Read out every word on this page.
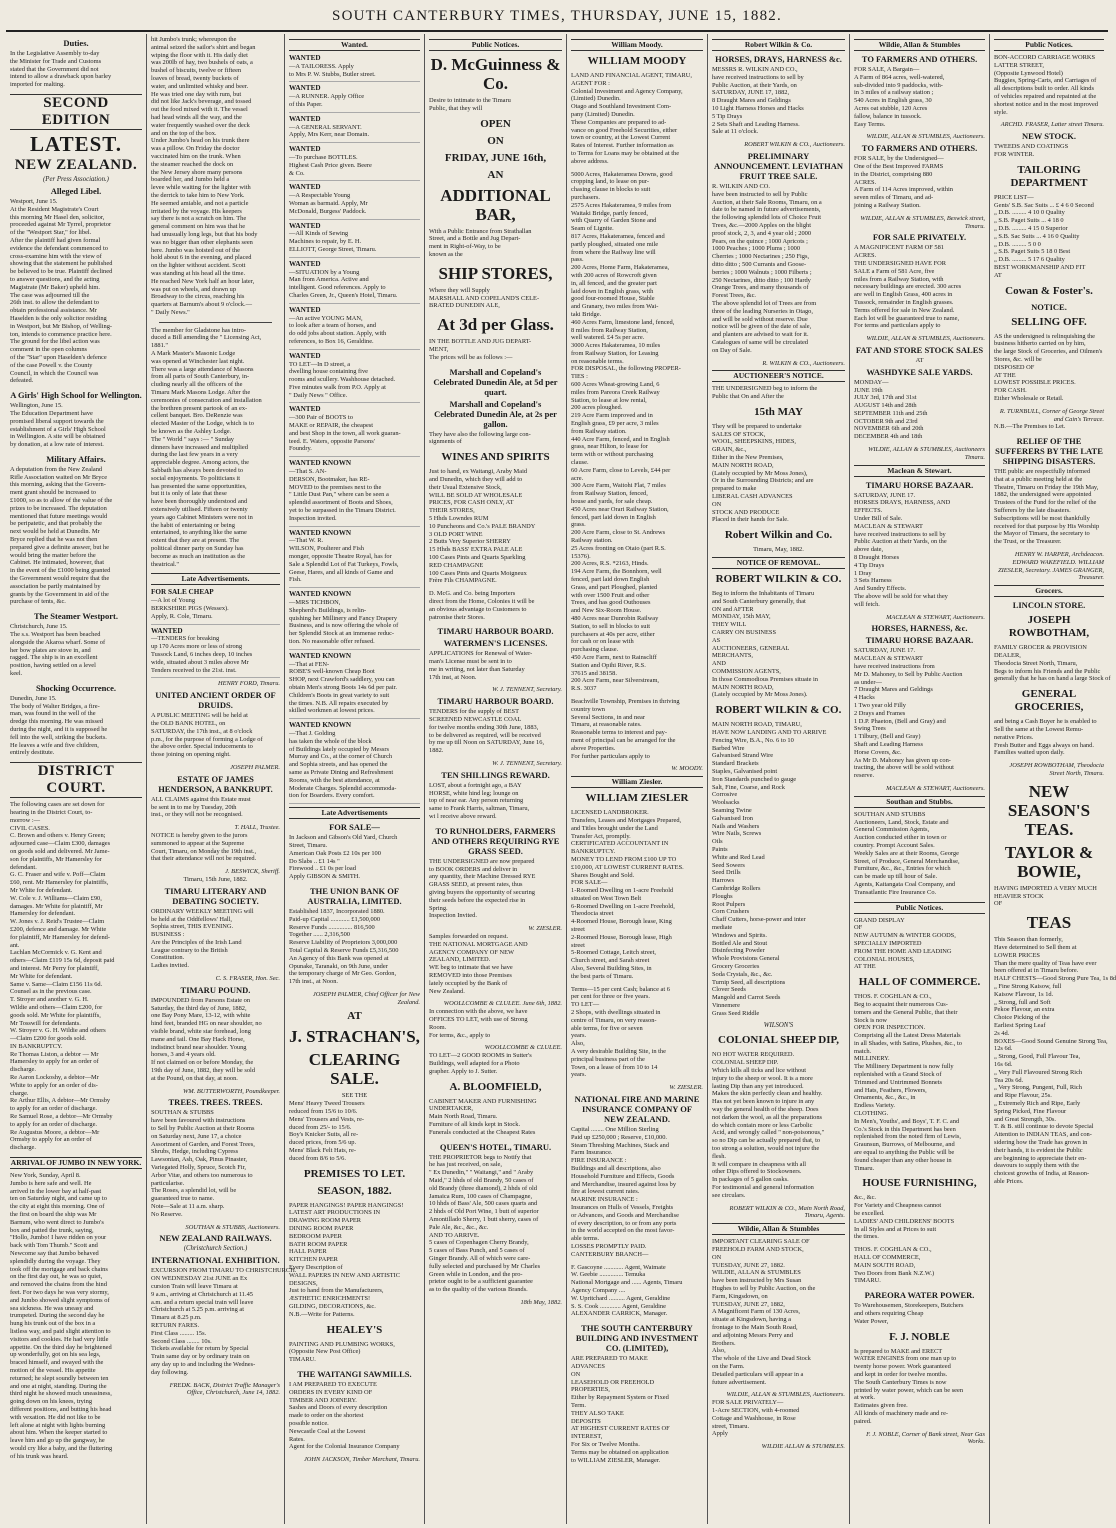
SOUTH CANTERBURY TIMES, THURSDAY, JUNE 15, 1882.
Duties.
In the Legislative Assembly to-day
the Minister for Trade and Customs
stated that the Government did not
intend to allow a drawback upon barley
imported for malting.
SECOND EDITION
LATEST.
NEW ZEALAND.
(Per Press Association.)
Alleged Libel.
Westport, June 15.
At the Resident Magistrate's Court
this morning Mr Hasel den, solicitor,
proceeded against Mr Tyrrel, proprietor
of the "Westport Star," for libel.
After the plaintiff had given formal
evidence the defendant commenced to
cross-examine him with the view of
showing that the statement he published
be believed to be true. Plaintiff declined
to answer questions, and the acting
Magistrate (Mr Baker) upheld him.
The case was adjourned till the
26th inst. to allow the defendant to
obtain professional assistance. Mr
Haselden is the only solicitor residing
in Westport, but Mr Bishop, of Welling-
ton, intends to commence practice here.
The ground for the libel action was
comment in the open columns
of the "Star" upon Haselden's defence
of the case Powell v. the County
Council, in which the Council was
defeated.
A Girls' High School for Wellington.
Wellington, June 15.
The Education Department have
promised liberal support towards the
establishment of a Girls' High School
in Wellington. A site will be obtained
by donation, at a low rate of interest.
Military Affairs.
A deputation from the New Zealand
Rifle Association waited on Mr Bryce
this morning, asking that the Govern-
ment grant should be increased to
£1000, so as to allow of the value of the
prizes to be increased. The deputation
mentioned that future meetings would
be peripatetic, and that probably the
next would be held at Dunedin. Mr
Bryce replied that he was not then
prepared give a definite answer, but he
would bring the matter before the
Cabinet. He intimated, however, that
in the event of the £1000 being granted
the Government would require that the
association be partly maintained by
grants by the Government in aid of the
purchase of tents, &c.
The Steamer Westport.
Christchurch, June 15.
The s.s. Westport has been beached
alongside the Akaroa wharf. Some of
her bow plates are stove in, and
ragged. The ship is in an excellent
position, having settled on a level
keel.
Shocking Occurrence.
Dunedin, June 15.
The body of Walter Bridges, a fire-
man, was found in the well of the
dredge this morning. He was missed
during the night, and it is supposed he
fell into the well, striking the buckets.
He leaves a wife and five children,
entirely destitute.
DISTRICT COURT.
The following cases are set down for
hearing in the District Court, to-
morrow :—
CIVIL CASES.
C. Brown and others v. Henry Green;
adjourned case—Claim £300, damages
on goods sold and delivered. Mr Jame-
son for plaintiffs, Mr Hamersley for
defendant.
G. C. Fraser and wife v. Poff—Claim
£60, rent. Mr Hamersley for plaintiffs,
Mr White for defendant.
W. Cole v. J. Williams—Claim £90,
damages. Mr White for plaintiff, Mr
Hamersley for defendant.
W. Jones v. J. Reid's Trustee—Claim
£200, defence and damage. Mr White
for plaintiff, Mr Hamersley for defend-
ant.
Lachlan McCormick v. G. Kent and
others—Claim £119 15s 6d, deposit paid
and interest. Mr Perry for plaintiff,
Mr White for defendant.
Same v. Same—Claim £156 11s 6d.
Counsel as in the previous case.
T. Stroyer and another v. G. H.
Wildie and others—Claim £200, for
goods sold. Mr White for plaintiffs,
Mr Tosswill for defendants.
W. Stroyer v. G. H. Wildie and others
—Claim £200 for goods sold.
IN BANKRUPTCY.
Re Thomas Liston, a debtor — Mr
Hamersley to apply for an order of
discharge.
Re Aaron Lockoshy, a debtor—Mr
White to apply for an order of dis-
charge.
Re Arthur Ellis, A debtor—Mr Ormsby
to apply for an order of discharge.
Re Samuel Rose, a debtor—Mr Ormsby
to apply for an order of discharge.
Re Augustus Moore, a debtor—Mr
Ormsby to apply for an order of
discharge.
ARRIVAL OF JUMBO IN NEW YORK.
New York, Sunday, April 8.
Jumbo is here safe and well. He
arrived in the lower bay at half-past
ten on Saturday night, and came up to
the city at eight this morning. One of
the first on board the ship was Mr
Barnum, who went direct to Jumbo's
box and patted the trunk, saying,
"Hollo, Jumbo! I have ridden on your
back with Tom Thumb." Scott and
Newcome say that Jumbo behaved
splendidly during the voyage. They
took off the mortgage and back chains
on the first day out, he was so quiet,
and removed the chains from the hind
feet. For two days he was very stormy,
and Jumbo showed slight symptoms of
sea sickness. He was uneasy and
trumpeted. During the second day he
hung his trunk out of the box in a
listless way, and paid slight attention to
visitors and cookies. He had very little
appetite. On the third day he brightened
up wonderfully, got on his sea legs,
braced himself, and swayed with the
motion of the vessel. His appetite
returned; he slept soundly between ten
and one at night, standing. During the
third night he showed much uneasiness,
going down on his knees, trying
different positions, and butting his head
with vexation. He did not like to be
left alone at night with lights burning
about him. When the keeper started to
leave him and go up the gangway, he
would cry like a baby, and the fluttering
of his trunk was heard.
hit Jumbo's trunk; whereupon the
animal seized the sailor's shirt and began
wiping the floor with it. His daily diet
was 200lb of hay, two bushels of oats, a
bushel of biscuits, twelve or fifteen
loaves of bread, twenty buckets of
water, and unlimited whisky and beer.
He was tried one day with rum, but
did not like Jack's beverage, and tossed
out the food mixed with it. The vessel
had head winds all the way, and the
water frequently washed over the deck
and on the top of the box.
Under Jumbo's head on his trunk there
was a pillow. On Friday the doctor
vaccinated him on the trunk. When
the steamer reached the dock on
the New Jersey shore many persons
boarded her, and Jumbo held a
levee while waiting for the lighter with
the derrick to take him to New York.
He seemed amiable, and not a particle
irritated by the voyage. His keepers
say there is not a scratch on him. The
general comment on him was that he
had unusually long legs, but that his body
was no bigger than other elephants seen
here. Jumbo was hoisted out of the
hold about 6 in the evening, and placed
on the lighter without accident. Scott
was standing at his head all the time.
He reached New York half an hour later,
was put on wheels, and drawn up
Broadway to the circus, reaching his
quarters at Barnum's about 9 o'clock.—
" Daily News."
The member for Gladstone has intro-
duced a Bill amending the " Licensing Act,
1881."
A Mark Master's Masonic Lodge
was opened at Winchester last night.
There was a large attendance of Masons
from all parts of South Canterbury, in-
cluding nearly all the officers of the
Timaru Mark Masons Lodge. After the
ceremonies of consecration and installation
the brethren present partook of an ex-
cellent banquet. Bro. DeRenzie was
elected Master of the Lodge, which is to
be known as the Ashley Lodge.
The " World " says :— " Sunday
dinners have increased and multiplied
during the last few years in a very
appreciable degree. Among actors, the
Sabbath has always been devoted to
social enjoyments. To politicians it
has presented the same opportunities,
but it is only of late that these
have been thoroughly understood and
extensively utilised. Fifteen or twenty
years ago Cabinet Ministers were not in
the habit of entertaining or being
entertained, to anything like the same
extent that they are at present. The
political dinner party on Sunday has
become as much an institution as the
theatrical."
Late Advertisements.
FOR SALE CHEAP
—A lot of Young
BERKSHIRE PIGS (Wessex).
Apply, R. Cole, Timaru.
WANTED
—TENDERS for breaking
up 170 Acres more or less of strong
Tussock Land, 6 inches deep, 10 inches
wide, situated about 3 miles above Mr
Tenders received to the 21st. inst.
HENRY FORD, Timaru.
UNITED ANCIENT ORDER OF DRUIDS.
A PUBLIC MEETING will be held at
the OLD BANK HOTEL, on
SATURDAY, the 17th inst., at 8 o'clock
p.m., for the purpose of forming a Lodge of
the above order. Special inducements to
those joining on opening night.
JOSEPH PALMER.
ESTATE OF JAMES HENDERSON, A BANKRUPT.
ALL CLAIMS against this Estate must
be sent in to me by Tuesday, 20th
inst., or they will not be recognised.
T. HALL, Trustee.
NOTICE is hereby given to the jurors
summoned to appear at the Supreme
Court, Timaru, on Monday the 19th inst.,
that their attendance will not be required.
J. BESWICK, Sheriff.
Timaru, 15th June, 1882.
TIMARU LITERARY AND DEBATING SOCIETY.
ORDINARY WEEKLY MEETING will
be held at the Oddfellows' Hall,
Sophia street, THIS EVENING.
BUSINESS :
Are the Principles of the Irish Land
League contrary to the British
Constitution.
Ladies invited.
C. S. FRASER, Hon. Sec.
TIMARU POUND.
IMPOUNDED from Parsons Estate on
Saturday, the third day of June, 1882,
one Bay Pony Mare, 13-12, with white
hind feet, branded HG on near shoulder, no
visible brand, white star forehead, long
mane and tail. One Bay Hack Horse,
indistinct brand near shoulder. Young
horses, 3 and 4 years old.
If not claimed on or before Monday, the
19th day of June, 1882, they will be sold
at the Pound, on that day, at noon.
WM. BUTTERWORTH, Poundkeeper.
TREES. TREES. TREES.
SOUTHAN & STUBBS
have been favoured with instructions
to Sell by Public Auction at their Rooms
on Saturday next, June 17, a choice
Assortment of Garden, and Forest Trees,
Shrubs, Hedge, including Cypress
Lawsonian, Ash, Oak, Pinus Pinaster,
Variegated Holly, Spruce, Scotch Fir,
Arbor Vitæ, and others too numerous to
particularise.
The Roses, a splendid lot, will be
guaranteed true to name.
Note—Sale at 11 a.m. sharp.
No Reserve.
SOUTHAN & STUBBS, Auctioneers.
NEW ZEALAND RAILWAYS.
(Christchurch Section.)
INTERNATIONAL EXHIBITION.
EXCURSION FROM TIMARU TO CHRISTCHURCH.
ON WEDNESDAY 21st JUNE an Ex
cursion Train will leave Timaru at
9 a.m., arriving at Christchurch at 11.45
a.m. and a return special train will leave
Christchurch at 5.25 p.m. arriving at
Timaru at 8.25 p.m.
RETURN FARES.
First Class ......... 15s.
Second Class ........ 10s.
Tickets available for return by Special
Train same day or by ordinary train on
any day up to and including the Wednes-
day following.
FREDK. BACK, District Traffic Manager's Office, Christchurch, June 14, 1882.
Wanted.
WANTED
—A TAILORESS. Apply
to Mrs P. W. Stubbs, Butler street.
WANTED
—A RUNNER. Apply Office
of this Paper.
WANTED
—A GENERAL SERVANT.
Apply, Mrs Kerr, near Domain.
WANTED
—To purchase BOTTLES.
Highest Cash Price given. Beere
& Co.
WANTED
—A Respectable Young
Woman as barmaid. Apply, Mr
McDonald, Burgess' Paddock.
WANTED
—All Kinds of Sewing
Machines to repair, by E. H.
ELLIOTT, George Street, Timaru.
WANTED
—SITUATION by a Young
Man from America. Active and
intelligent. Good references. Apply to
Charles Green, Jr., Queen's Hotel, Timaru.
WANTED
—An active YOUNG MAN,
to look after a team of horses, and
do odd jobs about station. Apply, with
references, to Box 16, Geraldine.
WANTED
TO LET—In D street, a
dwelling house containing five
rooms and scullery. Washhouse detached.
Five minutes walk from P.O. Apply at
" Daily News " Office.
WANTED
—300 Pair of BOOTS to
MAKE or REPAIR, the cheapest
and best Shop in the town, all work guaran-
teed. E. Waters, opposite Parsons'
Foundry.
WANTED KNOWN
—That S. AN-
DERSON, Bootmaker, has RE-
MOVED to the premises next to the
" Little Dust Pan," where can be seen a
splendid assortment of Boots and Shoes,
yet to be surpassed in the Timaru District.
Inspection invited.
WANTED KNOWN
—That W. R.
WILSON, Poulterer and Fish
monger, opposite Theatre Royal, has for
Sale a Splendid Lot of Fat Turkeys, Fowls,
Geese, Hares, and all kinds of Game and
Fish.
WANTED KNOWN
—MRS TICHBON,
Shepherd's Buildings, is relin-
quishing her Millinery and Fancy Drapery
Business, and is now offering the whole of
her Splendid Stock at an immense reduc-
tion. No reasonable offer refused.
WANTED KNOWN
—That at FEN-
ROBE'S well-known Cheap Boot
SHOP, next Crawford's saddlery, you can
obtain Men's strong Boots 14s 6d per pair.
Children's Boots in great variety to suit
the times. N.B. All repairs executed by
skilled workmen at lowest prices.
WANTED KNOWN
—That J. Golding
has taken the whole of the block
of Buildings lately occupied by Messrs
Murray and Co., at the corner of Church
and Sophia streets, and has opened the
same as Private Dining and Refreshment
Rooms, with the best attendance, at
Moderate Charges. Splendid accommoda-
tion for Boarders. Every comfort.
Late Advertisements
FOR SALE—
In Jackson and Gibson's Old Yard, Church
Street, Timaru.
American Oak Posts £2 10s per 100
Do Slabs .. £1 14s "
Firewood .. £1 0s per load
Apply GIBSON & SMITH.
THE UNION BANK OF AUSTRALIA, LIMITED.
Established 1837, Incorporated 1880.
Paid-up Capital ............ £1,500,000
Reserve Funds ............... 816,500
Together ...... 2,316,500
Reserve Liability of Proprietors 3,000,000
Total Capital & Reserve Funds £5,316,500
An Agency of this Bank was opened at
Opunake, Taranaki, on 9th June, under
the temporary charge of Mr Geo. Gordon,
17th inst., at Noon.
JOSEPH PALMER, Chief Officer for New Zealand.
AT
J. STRACHAN'S,
CLEARING SALE.
SEE THE
Mens' Heavy Tweed Trousers
reduced from 15/6 to 10/6.
Mens' Trousers and Vests, re-
duced from 25/- to 15/6.
Boy's Knicker Suits, all re-
duced prices, from 5/6 up.
Mens' Black Felt Hats, re-
duced from 8/6 to 5/6.
PREMISES TO LET.
SEASON, 1882.
PAPER HANGINGS! PAPER HANGINGS!
LATEST ART PRODUCTIONS IN
DRAWING ROOM PAPER
DINING ROOM PAPER
BEDROOM PAPER
BATH ROOM PAPER
HALL PAPER
KITCHEN PAPER
Every Description of
WALL PAPERS IN NEW AND ARTISTIC
DESIGNS,
Just to hand from the Manufacturers,
ÆSTHETIC ENRICHMENTS!
GILDING, DECORATIONS, &c.
N.B.—Write for Patterns.
HEALEY'S
PAINTING AND PLUMBING WORKS,
(Opposite New Post Office)
TIMARU.
THE WAITANGI SAWMILLS.
I AM PREPARED TO EXECUTE
ORDERS IN EVERY KIND OF
TIMBER AND JOINERY.
Sashes and Doors of every description
made to order on the shortest
possible notice.
Newcastle Coal at the Lowest
Rates.
Agent for the Colonial Insurance Company
JOHN JACKSON, Timber Merchant, Timaru.
Public Notices.
D. McGuinness & Co.
Desire to intimate to the Timaru
Public, that they will
OPEN
ON
FRIDAY, JUNE 16th,
AN
ADDITIONAL BAR,
With a Public Entrance from Strathallan
Street, and a Bottle and Jug Depart-
ment in Right-of-Way, to be
known as the
SHIP STORES,
Where they will Supply
MARSHALL AND COPELAND'S CELE-
BRATED DUNEDIN ALE,
At 3d per Glass.
IN THE BOTTLE AND JUG DEPART-
MENT,
The prices will be as follows :—
Marshall and Copeland's Celebrated Dunedin Ale, at 5d per quart.
Marshall and Copeland's Celebrated Dunedin Ale, at 2s per gallon.
They have also the following large con-
signments of
WINES AND SPIRITS
Just to hand, ex Waitangi, Araby Maid
and Dunedin, which they will add to
their Usual Extensive Stock,
WILL BE SOLD AT WHOLESALE
PRICES, FOR CASH ONLY, AT
THEIR STORES,
5 Hhds Lowndes RUM
10 Puncheons and Co.'s PALE BRANDY
3 OLD PORT WINE
2 Butts Very Superior SHERRY
15 Hhds BASS' EXTRA PALE ALE
100 Cases Pints and Quarts Sparkling
RED CHAMPAGNE
100 Cases Pints and Quarts Moigneux
Frère Fils CHAMPAGNE.
D. McG. and Co. being Importers
direct from the Home, Colonies it will be
an obvious advantage to Customers to
patronise their Stores.
TIMARU HARBOUR BOARD.
WATERMEN'S LICENSES.
APPLICATIONS for Renewal of Water-
man's License must be sent in to
me in writing, not later than Saturday
17th inst, at Noon.
W. J. TENNENT, Secretary.
TIMARU HARBOUR BOARD.
TENDERS for the supply of BEST
SCREENED NEWCASTLE COAL
for twelve months ending 30th June, 1883,
to be delivered as required, will be received
by me up till Noon on SATURDAY, June 16,
1882.
W. J. TENNENT, Secretary.
TEN SHILLINGS REWARD.
LOST, about a fortnight ago, a BAY
HORSE, white hind leg; lounge on
top of near ear. Any person returning
same to Frank Harris, saltman, Timaru,
wi l receive above reward.
TO RUNHOLDERS, FARMERS AND OTHERS REQUIRING RYE GRASS SEED.
THE UNDERSIGNED are now prepared
to BOOK ORDERS and deliver in
any quantity, their Machine Dressed RYE
GRASS SEED, at present rates, thus
giving buyers the opportunity of securing
their seeds before the expected rise in
Spring.
Inspection Invited.
W. ZIESLER.
Samples forwarded on request.
THE NATIONAL MORTGAGE AND
AGENCY COMPANY OF NEW
ZEALAND, LIMITED.
WE beg to intimate that we have
REMOVED into those Premises
lately occupied by the Bank of
New Zealand.
WOOLLCOMBE & CLULEE. June 6th, 1882.
In connection with the above, we have
OFFICES TO LET, with use of Strong
Room.
For terms, &c., apply to
WOOLLCOMBE & CLULEE.
TO LET—2 GOOD ROOMS in Sutter's
Buildings, well adapted for a Photo
grapher. Apply to J. Sutter.
A. BLOOMFIELD,
CABINET MAKER AND FURNISHING
UNDERTAKER,
Main North Road, Timaru.
Furniture of all kinds kept in Stock.
Funerals conducted at the Cheapest Rates
QUEEN'S HOTEL, TIMARU.
THE PROPRIETOR begs to Notify that
he has just received, on sale,
" Ex Dunedin," " Waitangi," and " Araby
Maid," 2 hhds of old Brandy, 50 cases of
old Brandy (three diamond), 2 hhds of old
Jamaica Rum, 100 cases of Champagne,
10 hhds of Bass' Ale, 500 cases quarts and
2 hhds of Old Port Wine, 1 butt of superior
Amontillado Sherry, 1 butt sherry, cases of
Pale Ale, &c., &c., &c.
AND TO ARRIVE.
5 cases of Copenhagen Cherry Brandy,
5 cases of Bass Punch, and 5 cases of
Ginger Brandy. All of which were care-
fully selected and purchased by Mr Charles
Green while in London, and the pro-
prietor ought to be a sufficient guarantee
as to the quality of the various Brands.
18th May, 1882.
William Moody.
WILLIAM MOODY
LAND AND FINANCIAL AGENT, TIMARU,
AGENT FOR :
Colonial Investment and Agency Company,
(Limited) Dunedin.
Otago and Southland Investment Com-
pany (Limited) Dunedin.
These Companies are prepared to ad-
vance on good Freehold Securities, either
town or country, at the Lowest Current
Rates of Interest. Further information as
to Terms for Loans may be obtained at the
above address.
5000 Acres, Hakateramea Downs, good
cropping land, to lease on pur-
chasing clause in blocks to suit
purchasers.
2575 Acres Hakateramea, 9 miles from
Waitaki Bridge, partly fenced,
with Quarry of Garden Stone and
Seam of Lignite.
817 Acres, Hakateramea, fenced and
partly ploughed, situated one mile
from where the Railway line will
pass.
200 Acres, Home Farm, Hakateramea,
with 200 acres of Rowcroft given
in, all fenced, and the greater part
laid down in English grass, with
good four-roomed House, Stable
and Granary, two miles from Wai-
taki Bridge.
460 Acres Farm, limestone land, fenced,
8 miles from Railway Station,
well watered. £4 5s per acre.
3000 Acres Hakateramea, 10 miles
from Railway Station, for Leasing
on reasonable terms.
FOR DISPOSAL, the following PROPER-
TIES :
600 Acres Wheat-growing Land, 6
miles from Pareora Creek Railway
Station, to lease at low rental,
200 acres ploughed.
219 Acre Farm improved and in
English grass, £9 per acre, 3 miles
from Railway station.
440 Acre Farm, fenced, and in English
grass, near Hilton, to lease for
term with or without purchasing
clause.
60 Acre Farm, close to Levels, £44 per
acre.
300 Acre Farm, Waitohi Flat, 7 miles
from Railway Station, fenced,
house and yards, for sale cheap.
450 Acres near Orari Railway Station,
fenced, part laid down in English
grass.
200 Acre Farm, close to St. Andrews
Railway station.
25 Acres fronting on Otaio (part R.S.
15376).
200 Acres, R.S. *2163, Hinds.
194 Acre Farm, the Bonnhorn, well
fenced, part laid down English
Grass, and part Ploughed, planted
with over 1500 Fruit and other
Trees, and has good Outhouses
and New Six-Room House.
480 Acres near Dunrobin Railway
Station, to sell in blocks to suit
purchasers at 40s per acre, either
for cash or on lease with
purchasing clause.
450 Acre Farm, next to Rainscliff
Station and Opihi River, R.S.
37615 and 38158.
200 Acre Farm, near Silverstream,
R.S. 3037
Beachville Township, Premises in thriving
country town
Several Sections, in and near
Timaru, at reasonable rates.
Reasonable terms to interest and pay-
ment of principal can be arranged for the
above Properties.
For further particulars apply to
W. MOODY.
William Ziesler.
WILLIAM ZIESLER
LICENSED LANDBROKER.
Transfers, Leases and Mortgages Prepared,
and Titles brought under the Land
Transfer Act, promptly.
CERTIFICATED ACCOUNTANT IN
BANKRUPTCY.
MONEY TO LEND FROM £100 UP TO
£10,000, AT LOWEST CURRENT RATES.
Shares Bought and Sold.
FOR SALE—
1-Roomed Dwelling on 1-acre Freehold
situated on West Town Belt
6-Roomed Dwelling on 1-acre Freehold,
Theodocia street
4-Roomed House, Borough lease, King
street
2-Roomed House, Borough lease, High
street
5-Roomed Cottage, Leitch street,
Church street, and Sarah street
Also, Several Building Sites, in
the best parts of Timaru.
Terms—15 per cent Cash; balance at 6
per cent for three or five years.
TO LET—
2 Shops, with dwellings situated in
centre of Timaru, on very reason-
able terms, for five or seven
years.
Also,
A very desirable Building Site, in the
principal business part of the
Town, on a lease of from 10 to 14
years.
W. ZIESLER.
NATIONAL FIRE AND MARINE INSURANCE COMPANY OF NEW ZEALAND.
Capital ........ One Million Sterling
Paid up £250,000 ; Reserve, £10,000.
Steam Threshing Machines, Stack and
Farm Insurance.
FIRE INSURANCE :
Buildings and all descriptions, also
Household Furniture and Effects, Goods
and Merchandise, insured against loss by
fire at lowest current rates.
MARINE INSURANCE :
Insurances on Hulls of Vessels, Freights
or Advances, and Goods and Merchandise
of every description, to or from any ports
in the world accepted on the most favor-
able terms.
LOSSES PROMPTLY PAID.
CANTERBURY BRANCH—
F. Gascoyne ............ Agent, Waimate
W. Geebie ............... Temuka
National Mortgage and ...... Agents, Timaru
Agency Company ....
W. Upritchard .......... Agent, Geraldine
S. S. Cook ............. Agent, Geraldine
ALEXANDER CARRICK, Manager.
THE SOUTH CANTERBURY BUILDING AND INVESTMENT CO. (LIMITED),
ARE PREPARED TO MAKE
ADVANCES
ON
LEASEHOLD OR FREEHOLD
PROPERTIES,
Either by Repayment System or Fixed
Term.
THEY ALSO TAKE
DEPOSITS
AT HIGHEST CURRENT RATES OF
INTEREST,
For Six or Twelve Months.
Terms may be obtained on application
to WILLIAM ZIESLER, Manager.
Robert Wilkin & Co.
HORSES, DRAYS, HARNESS &c.
MESSRS R. WILKIN AND CO.,
have received instructions to sell by
Public Auction, at their Yards, on
SATURDAY, JUNE 17, 1882,
8 Draught Mares and Geldings
10 Light Harness Horses and Hacks
5 Tip Drays
2 Sets Shaft and Leading Harness.
Sale at 11 o'clock.
ROBERT WILKIN & CO., Auctioneers.
PRELIMINARY ANNOUNCEMENT. LEVIATHAN FRUIT TREE SALE.
R. WILKIN AND CO.
have been instructed to sell by Public
Auction, at their Sale Rooms, Timaru, on a
date to be named in future advertisements,
the following splendid lots of Choice Fruit
Trees, &c.—2000 Apples on the blight
proof stock, 2, 3, and 4 year old ; 2000
Pears, on the quince ; 1000 Apricots ;
1000 Peaches ; 1000 Plums ; 1000
Cherries ; 1000 Nectarines ; 250 Figs,
ditto ditto ; 500 Currants and Goose-
berries ; 1000 Walnuts ; 1000 Filberts ;
250 Nectarines, ditto ditto ; 100 Hardy
Orange Trees, and many thousands of
Forest Trees, &c.
The above splendid lot of Trees are from
three of the leading Nurseries in Otago,
and will be sold without reserve. Due
notice will be given of the date of sale,
and planters are advised to wait for it.
Catalogues of same will be circulated
on Day of Sale.
R. WILKIN & CO., Auctioneers.
AUCTIONEER'S NOTICE.
THE UNDERSIGNED beg to inform the
Public that On and After the
15th MAY
They will be prepared to undertake
SALES OF STOCK,
WOOL, SHEEPSKINS, HIDES,
GRAIN, &c.,
Either in the New Premises,
MAIN NORTH ROAD,
(Lately occupied by Mr Moss Jones),
Or in the Surrounding Districts; and are
prepared to make
LIBERAL CASH ADVANCES
ON
STOCK AND PRODUCE
Placed in their hands for Sale.
Robert Wilkin and Co.
Timaru, May, 1882.
NOTICE OF REMOVAL.
ROBERT WILKIN & CO.
Beg to inform the Inhabitants of Timaru
and South Canterbury generally, that
ON and AFTER
MONDAY, 15th MAY,
THEY WILL
CARRY ON BUSINESS
AS
AUCTIONEERS, GENERAL
MERCHANTS,
AND
COMMISSION AGENTS,
In those Commodious Premises situate in
MAIN NORTH ROAD,
(Lately occupied by Mr Moss Jones).
ROBERT WILKIN & CO.
MAIN NORTH ROAD, TIMARU,
HAVE NOW LANDING AND TO ARRIVE
Fencing Wire, B.A., No. 6 to 10
Barbed Wire
Galvanised Strand Wire
Standard Brackets
Staples, Galvanised point
Iron Standards punched to gauge
Salt, Fine, Coarse, and Rock
Corrosive
Woolsacks
Seaming Twine
Galvanised Iron
Nails and Washers
Wire Nails, Screws
Oils
Paints
White and Red Lead
Seed Sowers
Seed Drills
Harrows
Cambridge Rollers
Ploughs
Root Pulpers
Corn Crushers
Chaff Cutters, horse-power and inter
mediate
Windows and Spirits.
Bottled Ale and Stout
Disinfecting Powder
Whole Provisions General
Grocery Groceries
Soda Crystals, &c., &c.
Turnip Seed, all descriptions
Clover Seeds
Mangold and Carrot Seeds
Vinnemere
Grass Seed Riddle
WILSON'S
COLONIAL SHEEP DIP,
NO HOT WATER REQUIRED.
COLONIAL SHEEP DIP.
Which kills all ticks and lice without
injury to the sheep or wool. It is a more
lasting Dip than any yet introduced.
Makes the skin perfectly clean and healthy.
Has not yet been known to injure in any
way the general health of the sheep. Does
not darken the wool, as all the preparations
do which contain more or less Carbolic
Acid, and wrongly called " non-poisonous,"
so no Dip can be actually prepared that, to
too strong a solution, would not injure the
flesh.
It will compare in cheapness with all
other Dips offered to Stockowners.
In packages of 5 gallon casks.
For testimonial and general information
see circulars.
ROBERT WILKIN & CO., Main North Road, Timaru, Agents.
Wildie, Allan & Stumbles
IMPORTANT CLEARING SALE OF
FREEHOLD FARM AND STOCK,
ON
TUESDAY, JUNE 27, 1882.
WILDIE, ALLAN & STUMBLES
have been instructed by Mrs Susan
Hughes to sell by Public Auction, on the
Farm, Kingsdown, on
TUESDAY, JUNE 27, 1882,
A Magnificent Farm of 130 Acres,
situate at Kingsdown, having a
frontage to the Main South Road,
and adjoining Messrs Perry and
Brothers.
Also,
The whole of the Live and Dead Stock
on the Farm.
Detailed particulars will appear in a
future advertisement.
WILDIE, ALLAN & STUMBLES, Auctioneers.
FOR SALE PRIVATELY—
1-Acre SECTION, with 4-roomed
Cottage and Washhouse, in Rose
street, Timaru.
Apply
WILDIE ALLAN & STUMBLES.
Wildie, Allan & Stumbles
TO FARMERS AND OTHERS.
FOR SALE, A Bargain—
A Farm of 864 acres, well-watered,
sub-divided into 9 paddocks, with-
in 3 miles of a railway station ;
540 Acres in English grass, 30
Acres oat stubble, 120 Acres
fallow, balance in tussock.
Easy Terms.
WILDIE, ALLAN & STUMBLES, Auctioneers.
TO FARMERS AND OTHERS.
FOR SALE, by the Undersigned—
One of the Best Improved FARMS
in the District, comprising 880
ACRES.
A Farm of 114 Acres improved, within
seven miles of Timaru, and ad-
joining a Railway Station.
WILDIE, ALLAN & STUMBLES, Beswick street, Timaru.
FOR SALE PRIVATELY.
A MAGNIFICENT FARM OF 581
ACRES.
THE UNDERSIGNED HAVE FOR
SALE a Farm of 581 Acre, five
miles from a Railway Station, with
necessary buildings are erected. 300 acres
are well in English Grass, 400 acres in
Tussock, remainder in English grasses.
Terms offered for sale in New Zealand.
Each lot will be guaranteed true to name,
For terms and particulars apply to
WILDIE, ALLAN & STUMBLES, Auctioneers.
FAT AND STORE STOCK SALES
AT
WASHDYKE SALE YARDS.
MONDAY—
JUNE 19th
JULY 3rd, 17th and 31st
AUGUST 14th and 28th
SEPTEMBER 11th and 25th
OCTOBER 9th and 23rd
NOVEMBER 6th and 20th
DECEMBER 4th and 18th
WILDIE, ALLAN & STUMBLES, Auctioneers Timaru.
Maclean & Stewart.
TIMARU HORSE BAZAAR.
SATURDAY, JUNE 17.
HORSES DRAYS, HARNESS, AND
EFFECTS.
Under Bill of Sale.
MACLEAN & STEWART
have received instructions to sell by
Public Auction at their Yards, on the
above date,
8 Draught Horses
4 Tip Drays
1 Dray
3 Sets Harness
And Sundry Effects.
The above will be sold for what they
will fetch.
MACLEAN & STEWART, Auctioneers.
HORSES, HARNESS, &c.
TIMARU HORSE BAZAAR.
SATURDAY, JUNE 17.
MACLEAN & STEWART
have received instructions from
Mr D. Mahoney, to Sell by Public Auction
as under—
7 Draught Mares and Geldings
4 Hacks
1 Two year old Filly
2 Drays and Frames
1 D.P. Phaeton, (Bell and Gray) and
Swing Trees
1 Tilbury, (Bell and Gray)
Shaft and Leading Harness
Horse Covers, &c.
As Mr D. Mahoney has given up con-
tracting, the above will be sold without
reserve.
MACLEAN & STEWART, Auctioneers.
Southan and Stubbs.
SOUTHAN AND STUBBS
Auctioneers, Land, Stock, Estate and
General Commission Agents,
Auction conducted either in town or
country. Prompt Account Sales.
Weekly Sales are at their Rooms, George
Street, of Produce, General Merchandise,
Furniture, &c., &c., Entries for which
can be made up till hour of Sale.
Agents, Kaitangata Coal Company, and
Transatlantic Fire Insurance Co.
Public Notices.
GRAND DISPLAY
OF
NEW AUTUMN & WINTER GOODS,
SPECIALLY IMPORTED
FROM THE HOME AND LEADING
COLONIAL HOUSES,
AT THE
HALL OF COMMERCE.
THOS. F. COGHLAN & CO.,
Beg to acquaint their numerous Cus-
tomers and the General Public, that their
Stock is now
OPEN FOR INSPECTION.
Comprising all the Latest Dress Materials
in all Shades, with Satins, Plushes, &c., to
match.
MILLINERY.
The Millinery Department is now fully
replenished with a Grand Stock of
Trimmed and Untrimmed Bonnets
and Hats, Feathers, Flowers,
Ornaments, &c., &c., in
Endless Variety.
CLOTHING.
In Men's, Youths', and Boys', T. F. C. and
Co.'s Stock in this Department has been
replenished from the noted firm of Lewis,
Graunsun, Burrows, of Melbourne, and
are equal to anything the Public will be
found cheaper than any other house in
Timaru.
HOUSE FURNISHING,
&c., &c.
For Variety and Cheapness cannot
be excelled.
LADIES' AND CHILDRENS' BOOTS
In all Styles and at Prices to suit
the times.
THOS. F. COGHLAN & CO.,
HALL OF COMMERCE,
MAIN SOUTH ROAD,
Two Doors from Bank N.Z.W.)
TIMARU.
PAREORA WATER POWER.
To Warehousemen, Storekeepers, Butchers
and others requiring Cheap
Water Power,
F. J. NOBLE
Is prepared to MAKE and ERECT
WATER ENGINES from one man up to
twenty horse power. Work guaranteed
and kept in order for twelve months.
The South Canterbury Times is now
printed by water power, which can be seen
at work.
Estimates given free.
All kinds of machinery made and re-
paired.
F. J. NOBLE, Corner of Bank street, Near Gas Works.
Public Notices.
BON-ACCORD CARRIAGE WORKS
LATTER STREET,
(Opposite Lynwood Hotel)
Buggies, Spring-Carts, and Carriages of
all descriptions built to order. All kinds
of vehicles repaired and repainted at the
shortest notice and in the most improved
style.
ARCHD. FRASER, Latter street Timaru.
NEW STOCK.
TWEEDS AND COATINGS
FOR WINTER.
TAILORING DEPARTMENT
PRICE LIST—
Gents' S.B. Sac Suits ... £ 4 6 0 Second
„ D.B. ......... 4 10 0 Quality
„ S.B. Paget Suits ... 4 18 0
„ D.B. ......... 4 15 0 Superior
„ S.B. Sac Suits ... 4 16 0 Quality
„ D.B. ......... 5 0 0
„ S.B. Paget Suits 5 18 0 Best
„ D.B. ......... 5 17 6 Quality
BEST WORKMANSHIP AND FIT
AT
Cowan & Foster's.
NOTICE.
SELLING OFF.
AS the undersigned is relinquishing the
business hitherto carried on by him,
the large Stock of Groceries, and Oilmen's
Stores, &c. will be
DISPOSED OF
AT THE
LOWEST POSSIBLE PRICES.
FOR CASH.
Either Wholesale or Retail.
R. TURNBULL, Corner of George Street and Cain's Terrace.
N.B.—The Premises to Let.
RELIEF OF THE SUFFERERS BY THE LATE SHIPPING DISASTERS.
THE public are respectfully informed
that at a public meeting held at the
Theatre, Timaru on Friday the 19th May,
1882, the undersigned were appointed
Trustees of the Fund for the relief of the
Sufferers by the late disasters.
Subscriptions will be most thankfully
received for that purpose by His Worship
the Mayor of Timaru, the secretary to
the Trust, or the Treasurer.
HENRY W. HARPER, Archdeacon. EDWARD WAKEFIELD. WILLIAM ZIESLER, Secretary. JAMES GRANGER, Treasurer.
Grocers.
LINCOLN STORE.
JOSEPH ROWBOTHAM,
FAMILY GROCER & PROVISION
DEALER,
Theodocia Street North, Timaru,
Begs to inform his Friends and the Public
generally that he has on hand a large Stock of
GENERAL GROCERIES,
and being a Cash Buyer he is enabled to
Sell the same at the Lowest Remu-
nerative Prices.
Fresh Butter and Eggs always on hand.
Families waited upon daily.
JOSEPH ROWBOTHAM, Theodocia Street North, Timaru.
NEW SEASON'S TEAS.
TAYLOR & BOWIE,
HAVING IMPORTED A VERY MUCH
HEAVIER STOCK
OF
TEAS
This Season than formerly,
Have determined to Sell them at
LOWER PRICES
Than the mere quality of Teas have ever
been offered at in Timaru before.
HALF CHESTS—Good Strong Pure Tea, 1s 8d
„ Fine Strong Kaisow, full
Kaisow Flavour, 1s 1d.
„ Strong, full and Soft
Pekoe Flavour, an extra
Choice Picking of the
Earliest Spring Leaf
2s 4d.
BOXES—Good Sound Genuine Strong Tea,
12s 6d.
„ Strong, Good, Full Flavour Tea,
16s 6d.
„ Very Full Flavoured Strong Rich
Tea 20s 6d.
„ Very Strong, Pungent, Full, Rich
and Ripe Flavour, 25s.
„ Extremely Rich and Ripe, Early
Spring Picked, Fine Flavour
and Great Strength, 30s.
T. & B. still continue to devote Special
Attention to INDIAN TEAS, and con-
sidering how the Trade has grown in
their hands, it is evident the Public
are beginning to appreciate their en-
deavours to supply them with the
choicest growths of India, at Reason-
able Prices.
